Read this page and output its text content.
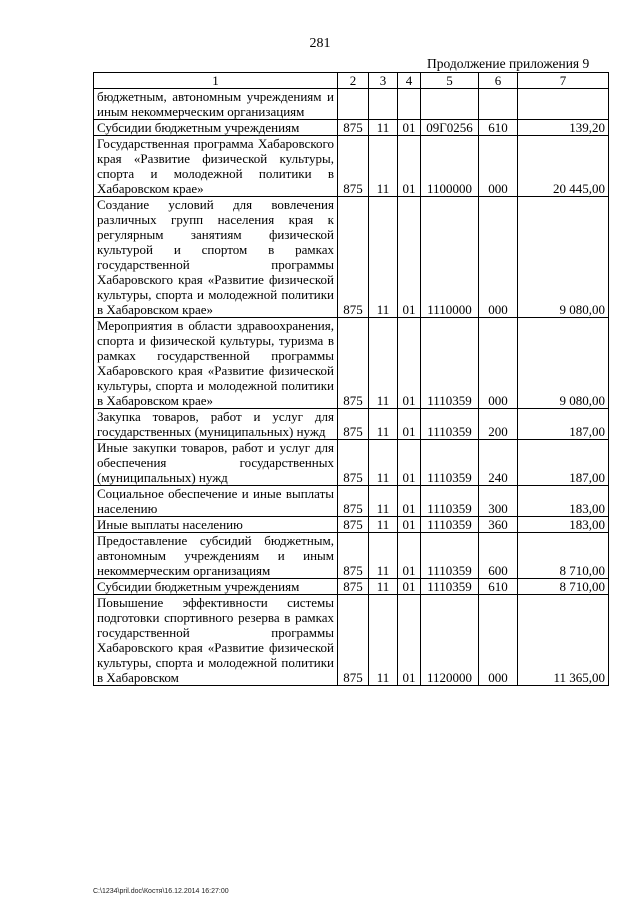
281
Продолжение приложения 9
1	2	3	4	5	6	7
бюджетным, автономным учреждениям и иным некоммерческим организациям						
Субсидии бюджетным учреждениям	875	11	01	09Г0256	610	139,20
Государственная программа Хабаровского края «Развитие физической культуры, спорта и молодежной политики в Хабаровском крае»	875	11	01	1100000	000	20 445,00
Создание условий для вовлечения различных групп населения края к регулярным занятиям физической культурой и спортом в рамках государственной программы Хабаровского края «Развитие физической культуры, спорта и молодежной политики в Хабаровском крае»	875	11	01	1110000	000	9 080,00
Мероприятия в области здравоохранения, спорта и физической культуры, туризма в рамках государственной программы Хабаровского края «Развитие физической культуры, спорта и молодежной политики в Хабаровском крае»	875	11	01	1110359	000	9 080,00
Закупка товаров, работ и услуг для государственных (муниципальных) нужд	875	11	01	1110359	200	187,00
Иные закупки товаров, работ и услуг для обеспечения государственных (муниципальных) нужд	875	11	01	1110359	240	187,00
Социальное обеспечение и иные выплаты населению	875	11	01	1110359	300	183,00
Иные выплаты населению	875	11	01	1110359	360	183,00
Предоставление субсидий бюджетным, автономным учреждениям и иным некоммерческим организациям	875	11	01	1110359	600	8 710,00
Субсидии бюджетным учреждениям	875	11	01	1110359	610	8 710,00
Повышение эффективности системы подготовки спортивного резерва в рамках государственной программы Хабаровского края «Развитие физической культуры, спорта и молодежной политики в Хабаровском	875	11	01	1120000	000	11 365,00
C:\1234\pril.doc\Костя\16.12.2014 16:27:00
